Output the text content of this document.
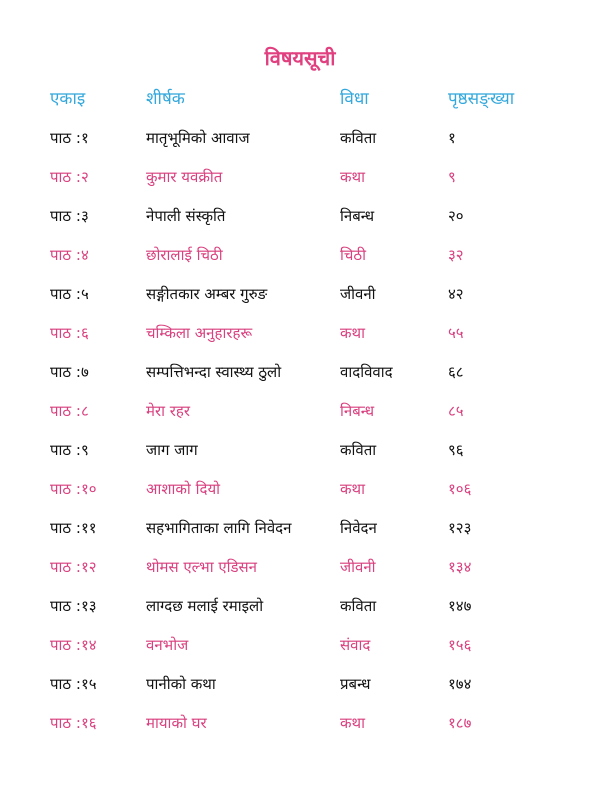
विषयसूची
एकाइ	शीर्षक	विधा	पृष्ठसङ्ख्या
पाठ :१	मातृभूमिको आवाज	कविता	१
पाठ :२	कुमार यवक्रीत	कथा	९
पाठ :३	नेपाली संस्कृति	निबन्ध	२०
पाठ :४	छोरालाई चिठी	चिठी	३२
पाठ :५	सङ्गीतकार अम्बर गुरुङ	जीवनी	४२
पाठ :६	चम्किला अनुहारहरू	कथा	५५
पाठ :७	सम्पत्तिभन्दा स्वास्थ्य ठुलो	वादविवाद	६८
पाठ :८	मेरा रहर	निबन्ध	८५
पाठ :९	जाग जाग	कविता	९६
पाठ :१०	आशाको दियो	कथा	१०६
पाठ :११	सहभागिताका लागि निवेदन	निवेदन	१२३
पाठ :१२	थोमस एल्भा एडिसन	जीवनी	१३४
पाठ :१३	लाग्दछ मलाई रमाइलो	कविता	१४७
पाठ :१४	वनभोज	संवाद	१५६
पाठ :१५	पानीको कथा	प्रबन्ध	१७४
पाठ :१६	मायाको घर	कथा	१८७
